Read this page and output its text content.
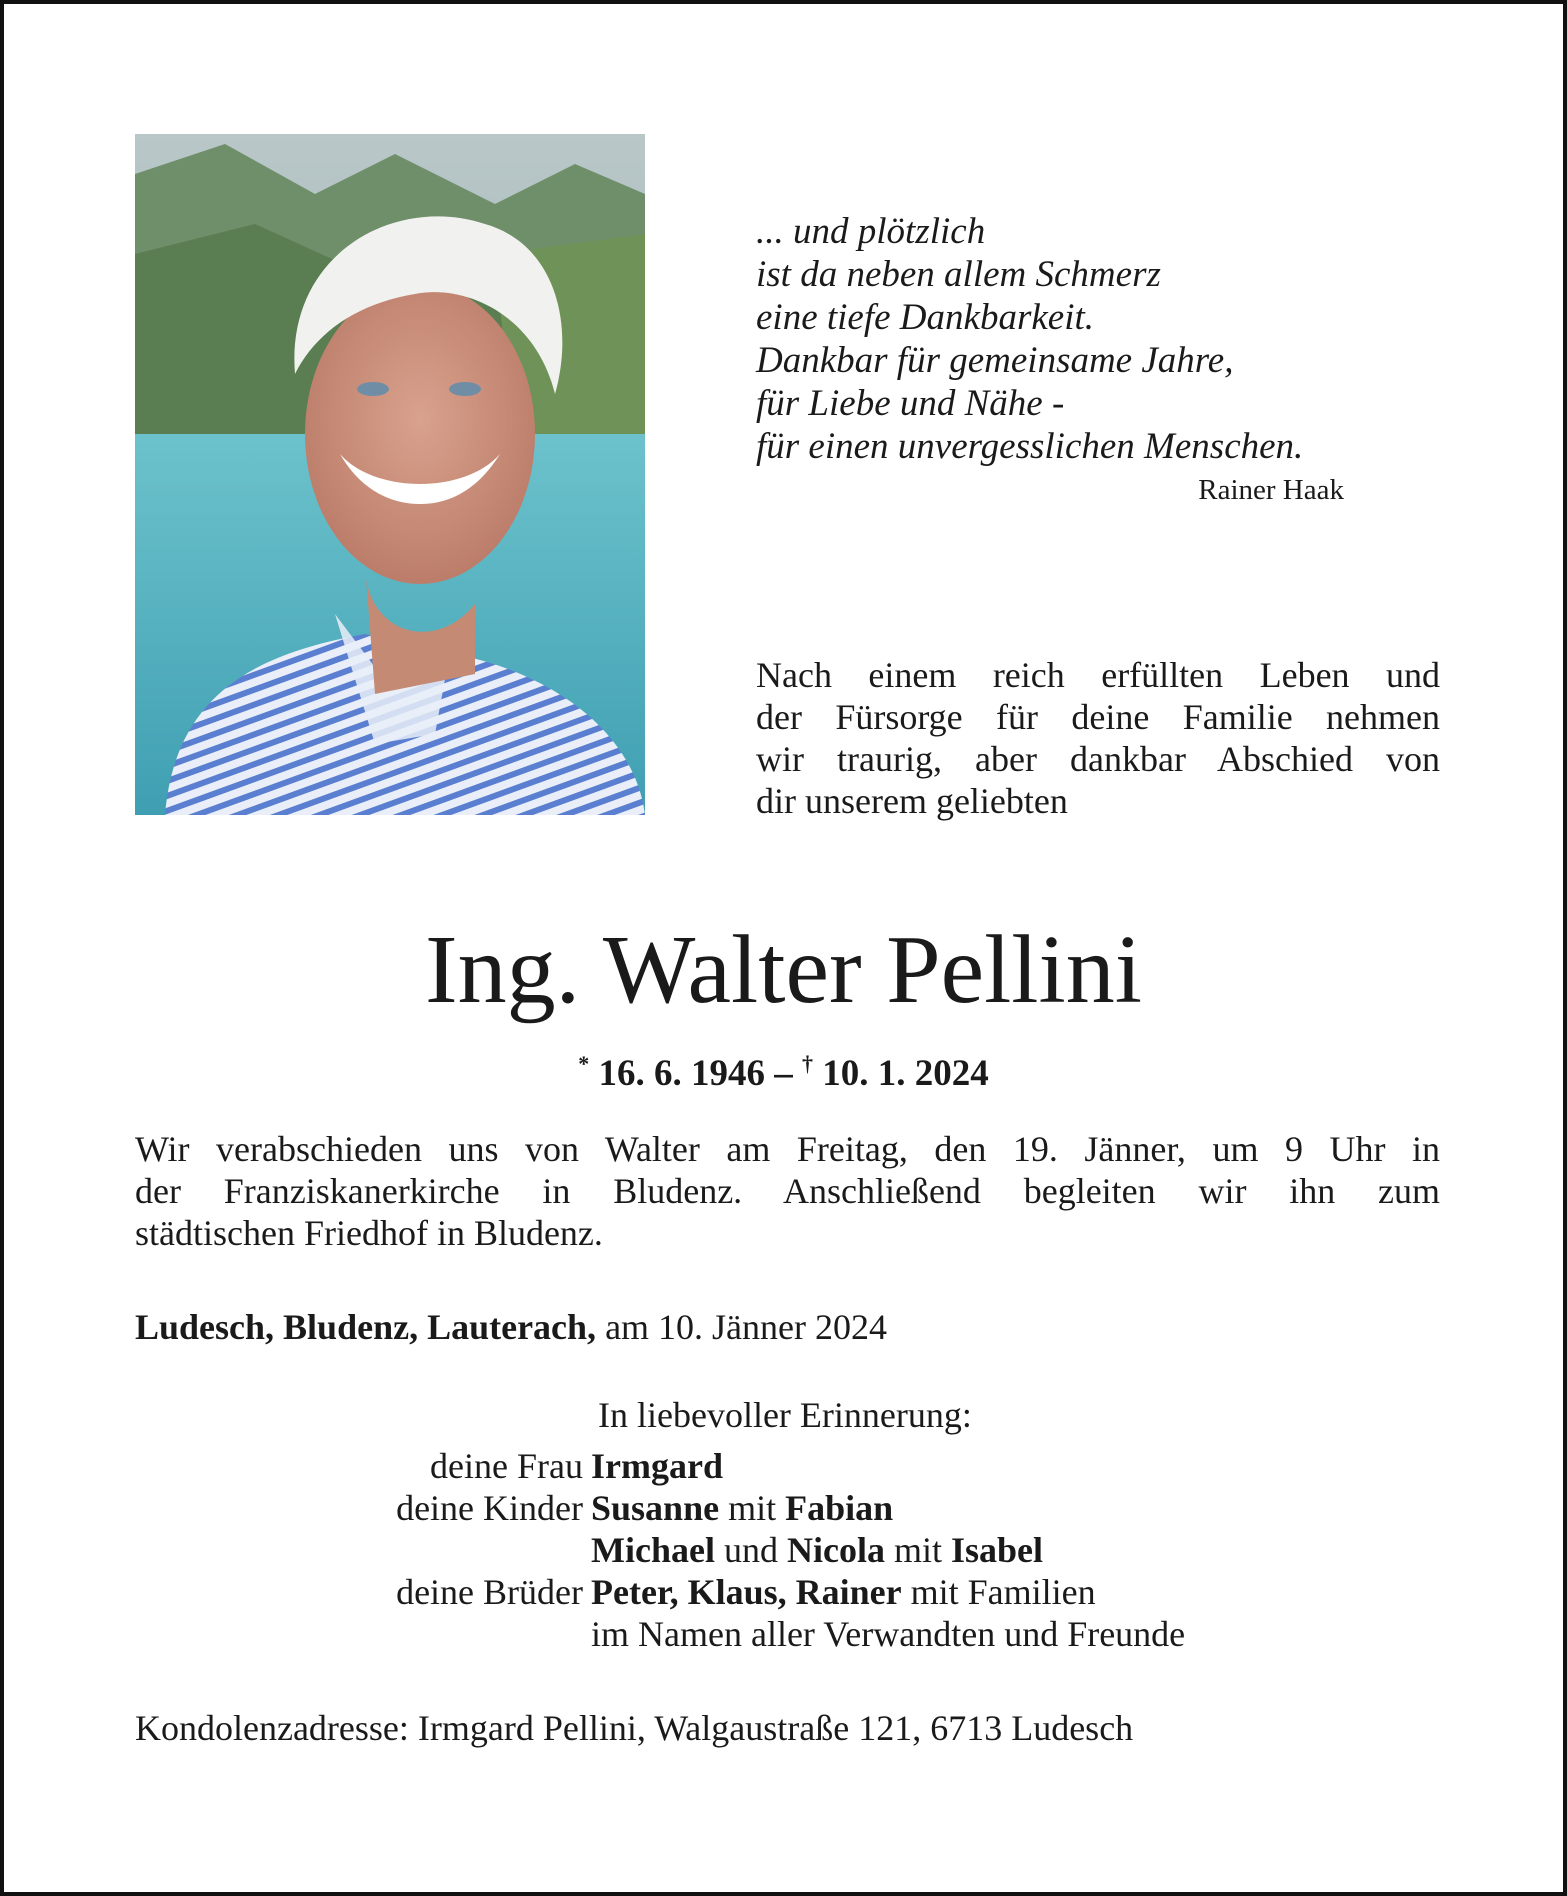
... und plötzlich
ist da neben allem Schmerz
eine tiefe Dankbarkeit.
Dankbar für gemeinsame Jahre,
für Liebe und Nähe -
für einen unvergesslichen Menschen.
Rainer Haak
Nach einem reich erfüllten Leben und
der Fürsorge für deine Familie nehmen
wir traurig, aber dankbar Abschied von
dir unserem geliebten
Ing. Walter Pellini
* 16. 6. 1946 – † 10. 1. 2024
Wir verabschieden uns von Walter am Freitag, den 19. Jänner, um 9 Uhr in
der Franziskanerkirche in Bludenz. Anschließend begleiten wir ihn zum
städtischen Friedhof in Bludenz.
Ludesch, Bludenz, Lauterach, am 10. Jänner 2024
In liebevoller Erinnerung:
deine Frau Irmgard
deine Kinder Susanne mit Fabian
Michael und Nicola mit Isabel
deine Brüder Peter, Klaus, Rainer mit Familien
im Namen aller Verwandten und Freunde
Kondolenzadresse: Irmgard Pellini, Walgaustraße 121, 6713 Ludesch
